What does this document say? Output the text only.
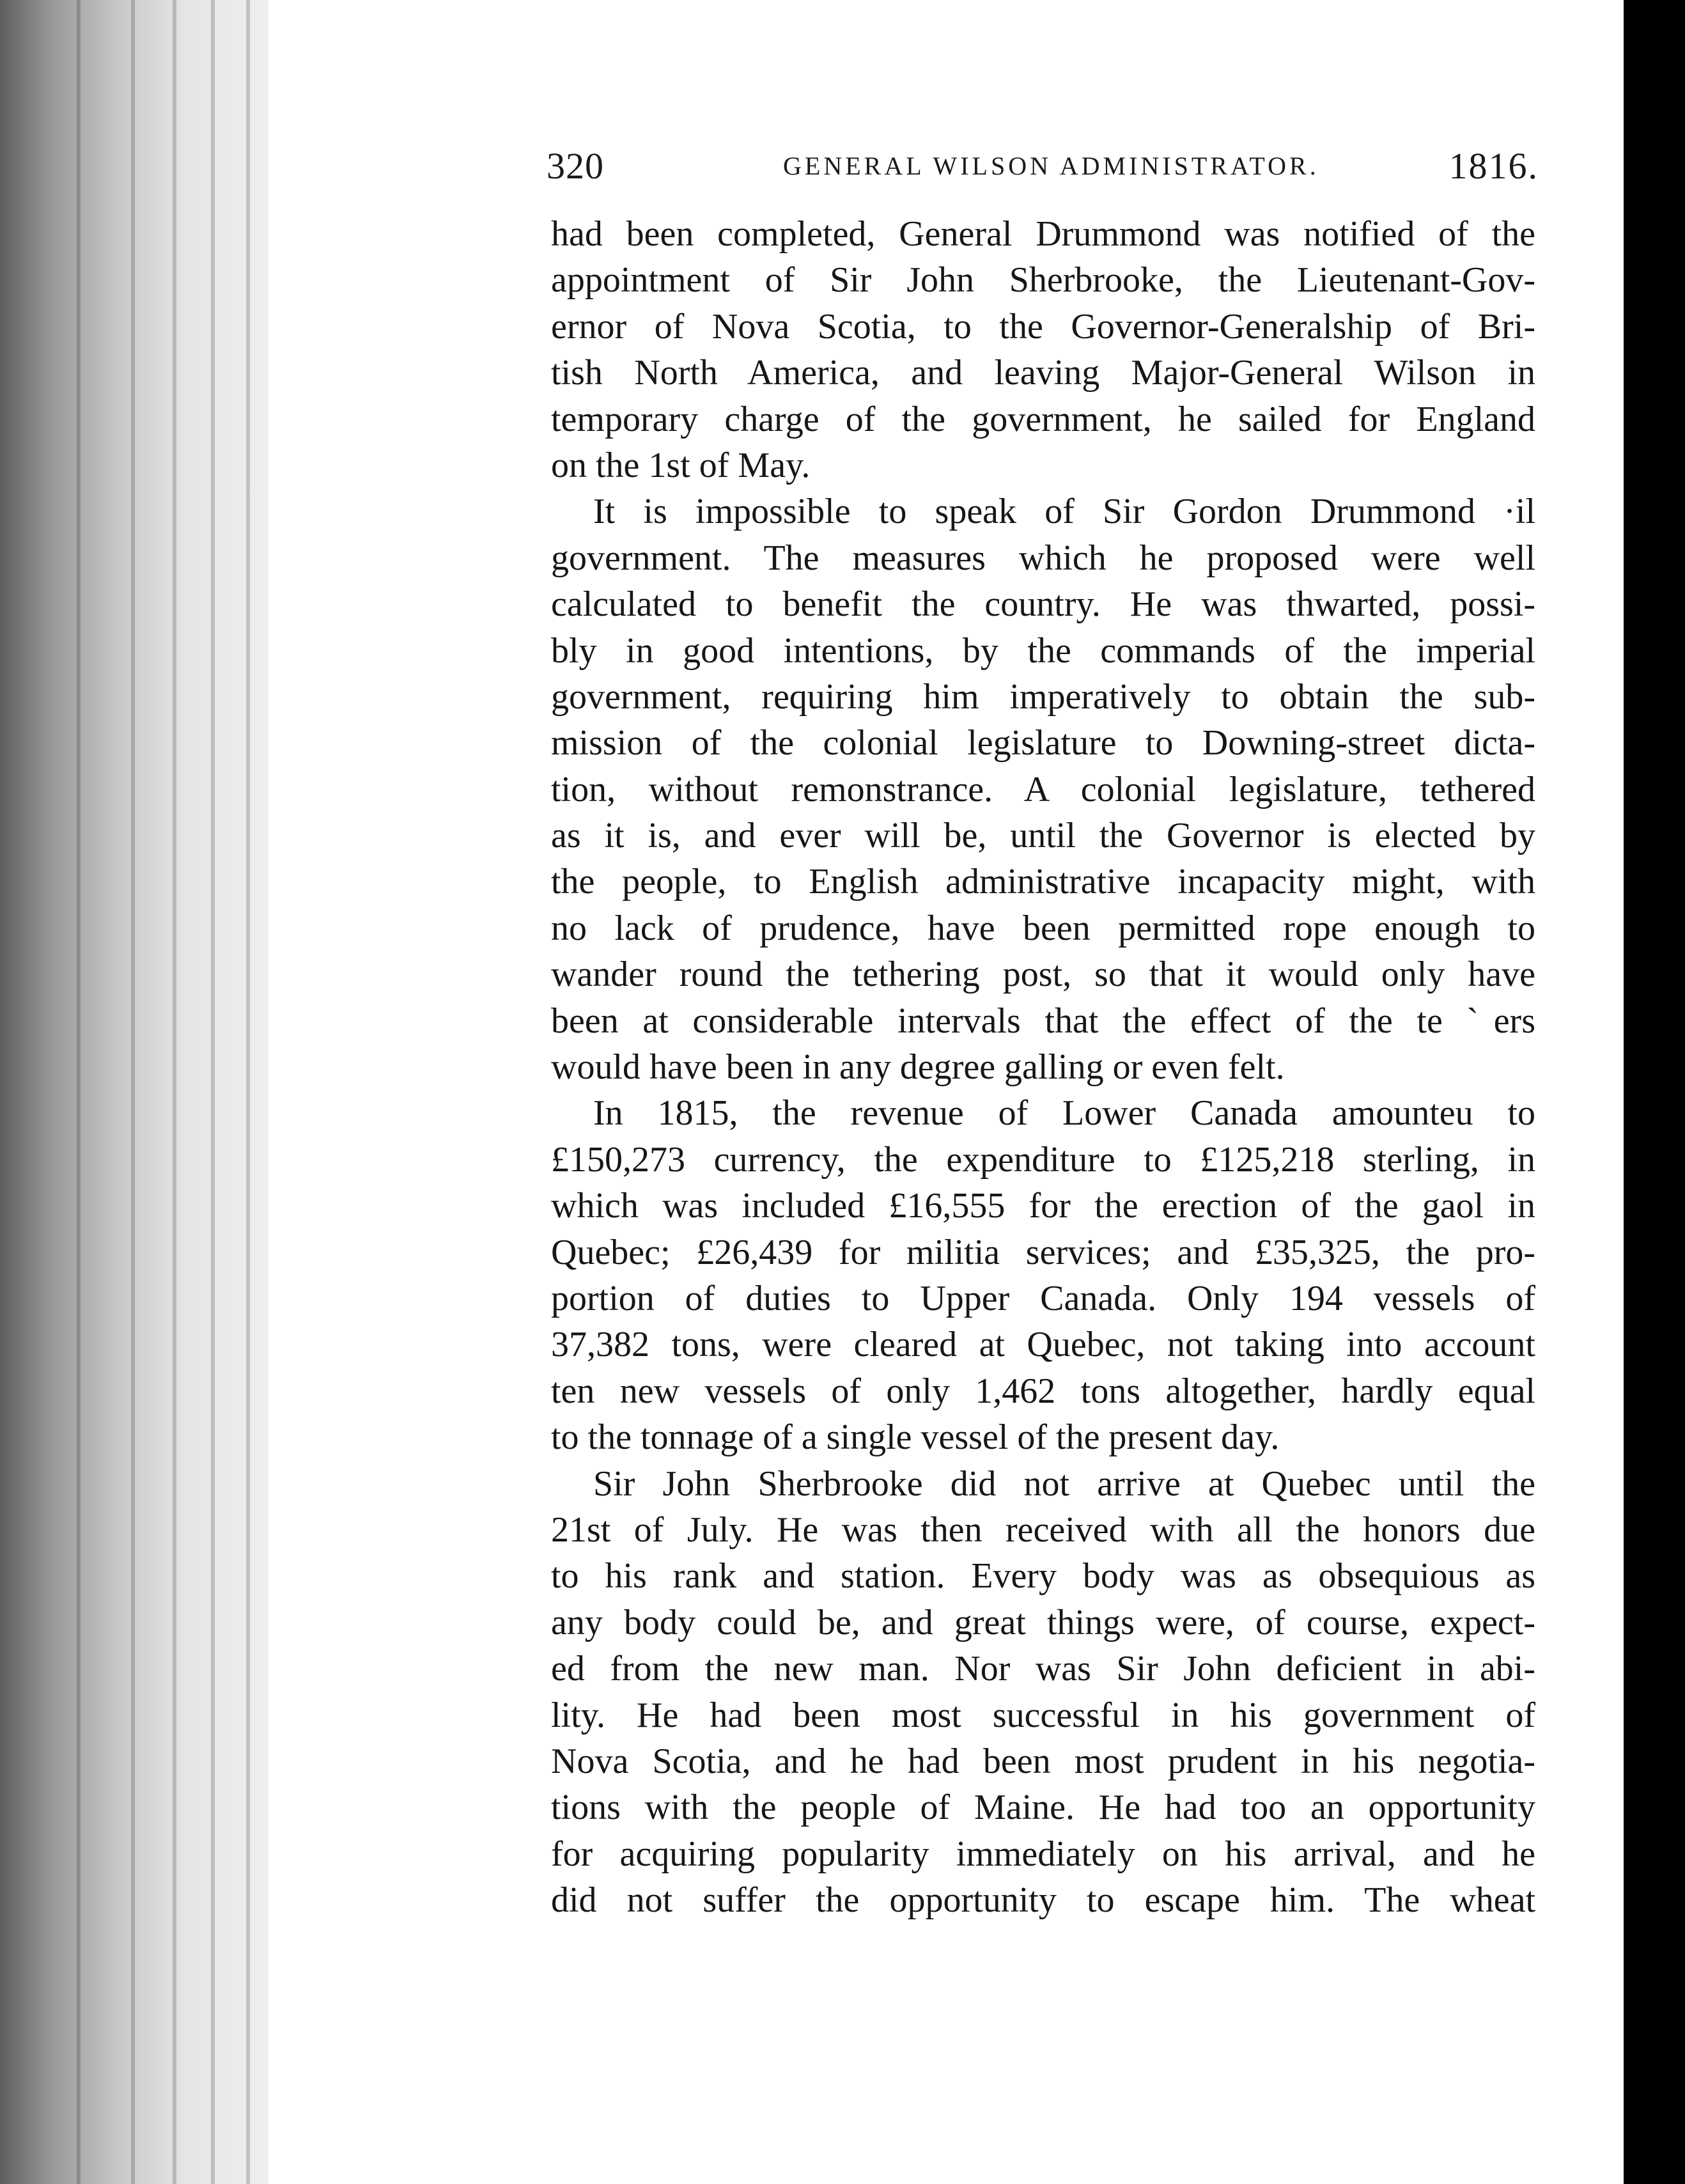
320	GENERAL WILSON ADMINISTRATOR.	1816.
had been completed, General Drummond was notified of the
appointment of Sir John Sherbrooke, the Lieutenant-Gov-
ernor of Nova Scotia, to the Governor-Generalship of Bri-
tish North America, and leaving Major-General Wilson in
temporary charge of the government, he sailed for England
on the 1st of May.
It is impossible to speak of Sir Gordon Drummond ·il
government. The measures which he proposed were well
calculated to benefit the country. He was thwarted, possi-
bly in good intentions, by the commands of the imperial
government, requiring him imperatively to obtain the sub-
mission of the colonial legislature to Downing-street dicta-
tion, without remonstrance. A colonial legislature, tethered
as it is, and ever will be, until the Governor is elected by
the people, to English administrative incapacity might, with
no lack of prudence, have been permitted rope enough to
wander round the tethering post, so that it would only have
been at considerable intervals that the effect of the te ˋers
would have been in any degree galling or even felt.
In 1815, the revenue of Lower Canada amounteu to
£150,273 currency, the expenditure to £125,218 sterling, in
which was included £16,555 for the erection of the gaol in
Quebec; £26,439 for militia services; and £35,325, the pro-
portion of duties to Upper Canada. Only 194 vessels of
37,382 tons, were cleared at Quebec, not taking into account
ten new vessels of only 1,462 tons altogether, hardly equal
to the tonnage of a single vessel of the present day.
Sir John Sherbrooke did not arrive at Quebec until the
21st of July. He was then received with all the honors due
to his rank and station. Every body was as obsequious as
any body could be, and great things were, of course, expect-
ed from the new man. Nor was Sir John deficient in abi-
lity. He had been most successful in his government of
Nova Scotia, and he had been most prudent in his negotia-
tions with the people of Maine. He had too an opportunity
for acquiring popularity immediately on his arrival, and he
did not suffer the opportunity to escape him. The wheat
